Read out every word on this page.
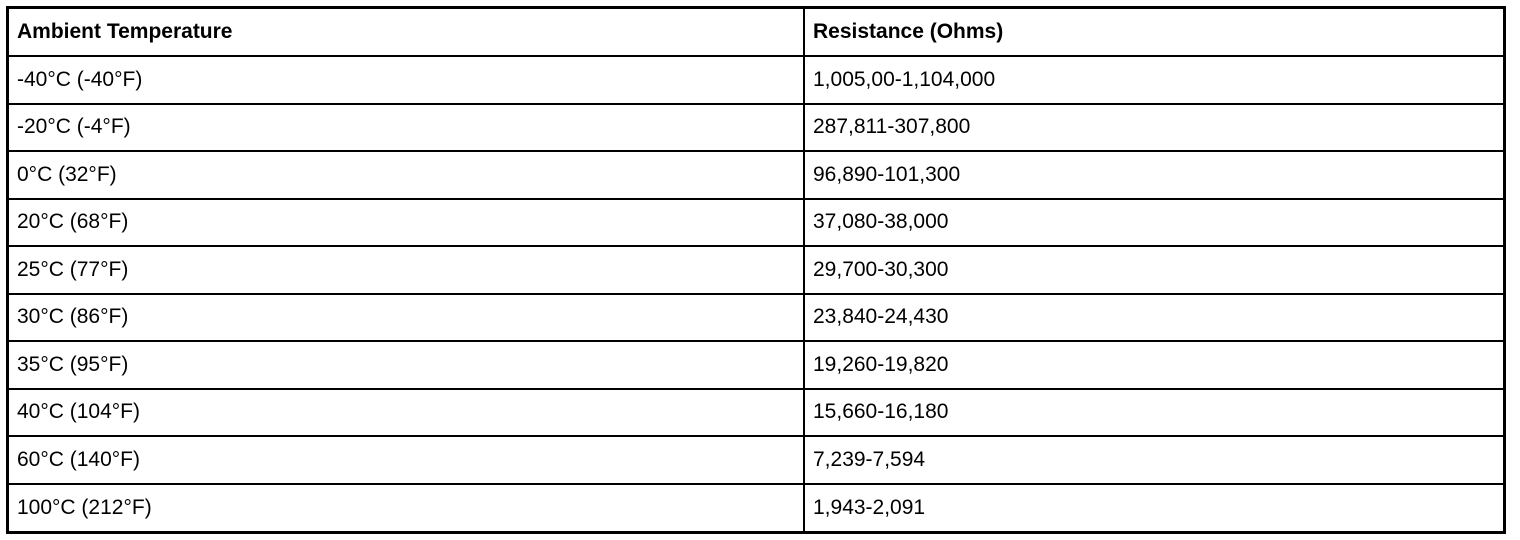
Ambient Temperature	Resistance (Ohms)
-40°C (-40°F)	1,005,00-1,104,000
-20°C (-4°F)	287,811-307,800
0°C (32°F)	96,890-101,300
20°C (68°F)	37,080-38,000
25°C (77°F)	29,700-30,300
30°C (86°F)	23,840-24,430
35°C (95°F)	19,260-19,820
40°C (104°F)	15,660-16,180
60°C (140°F)	7,239-7,594
100°C (212°F)	1,943-2,091
